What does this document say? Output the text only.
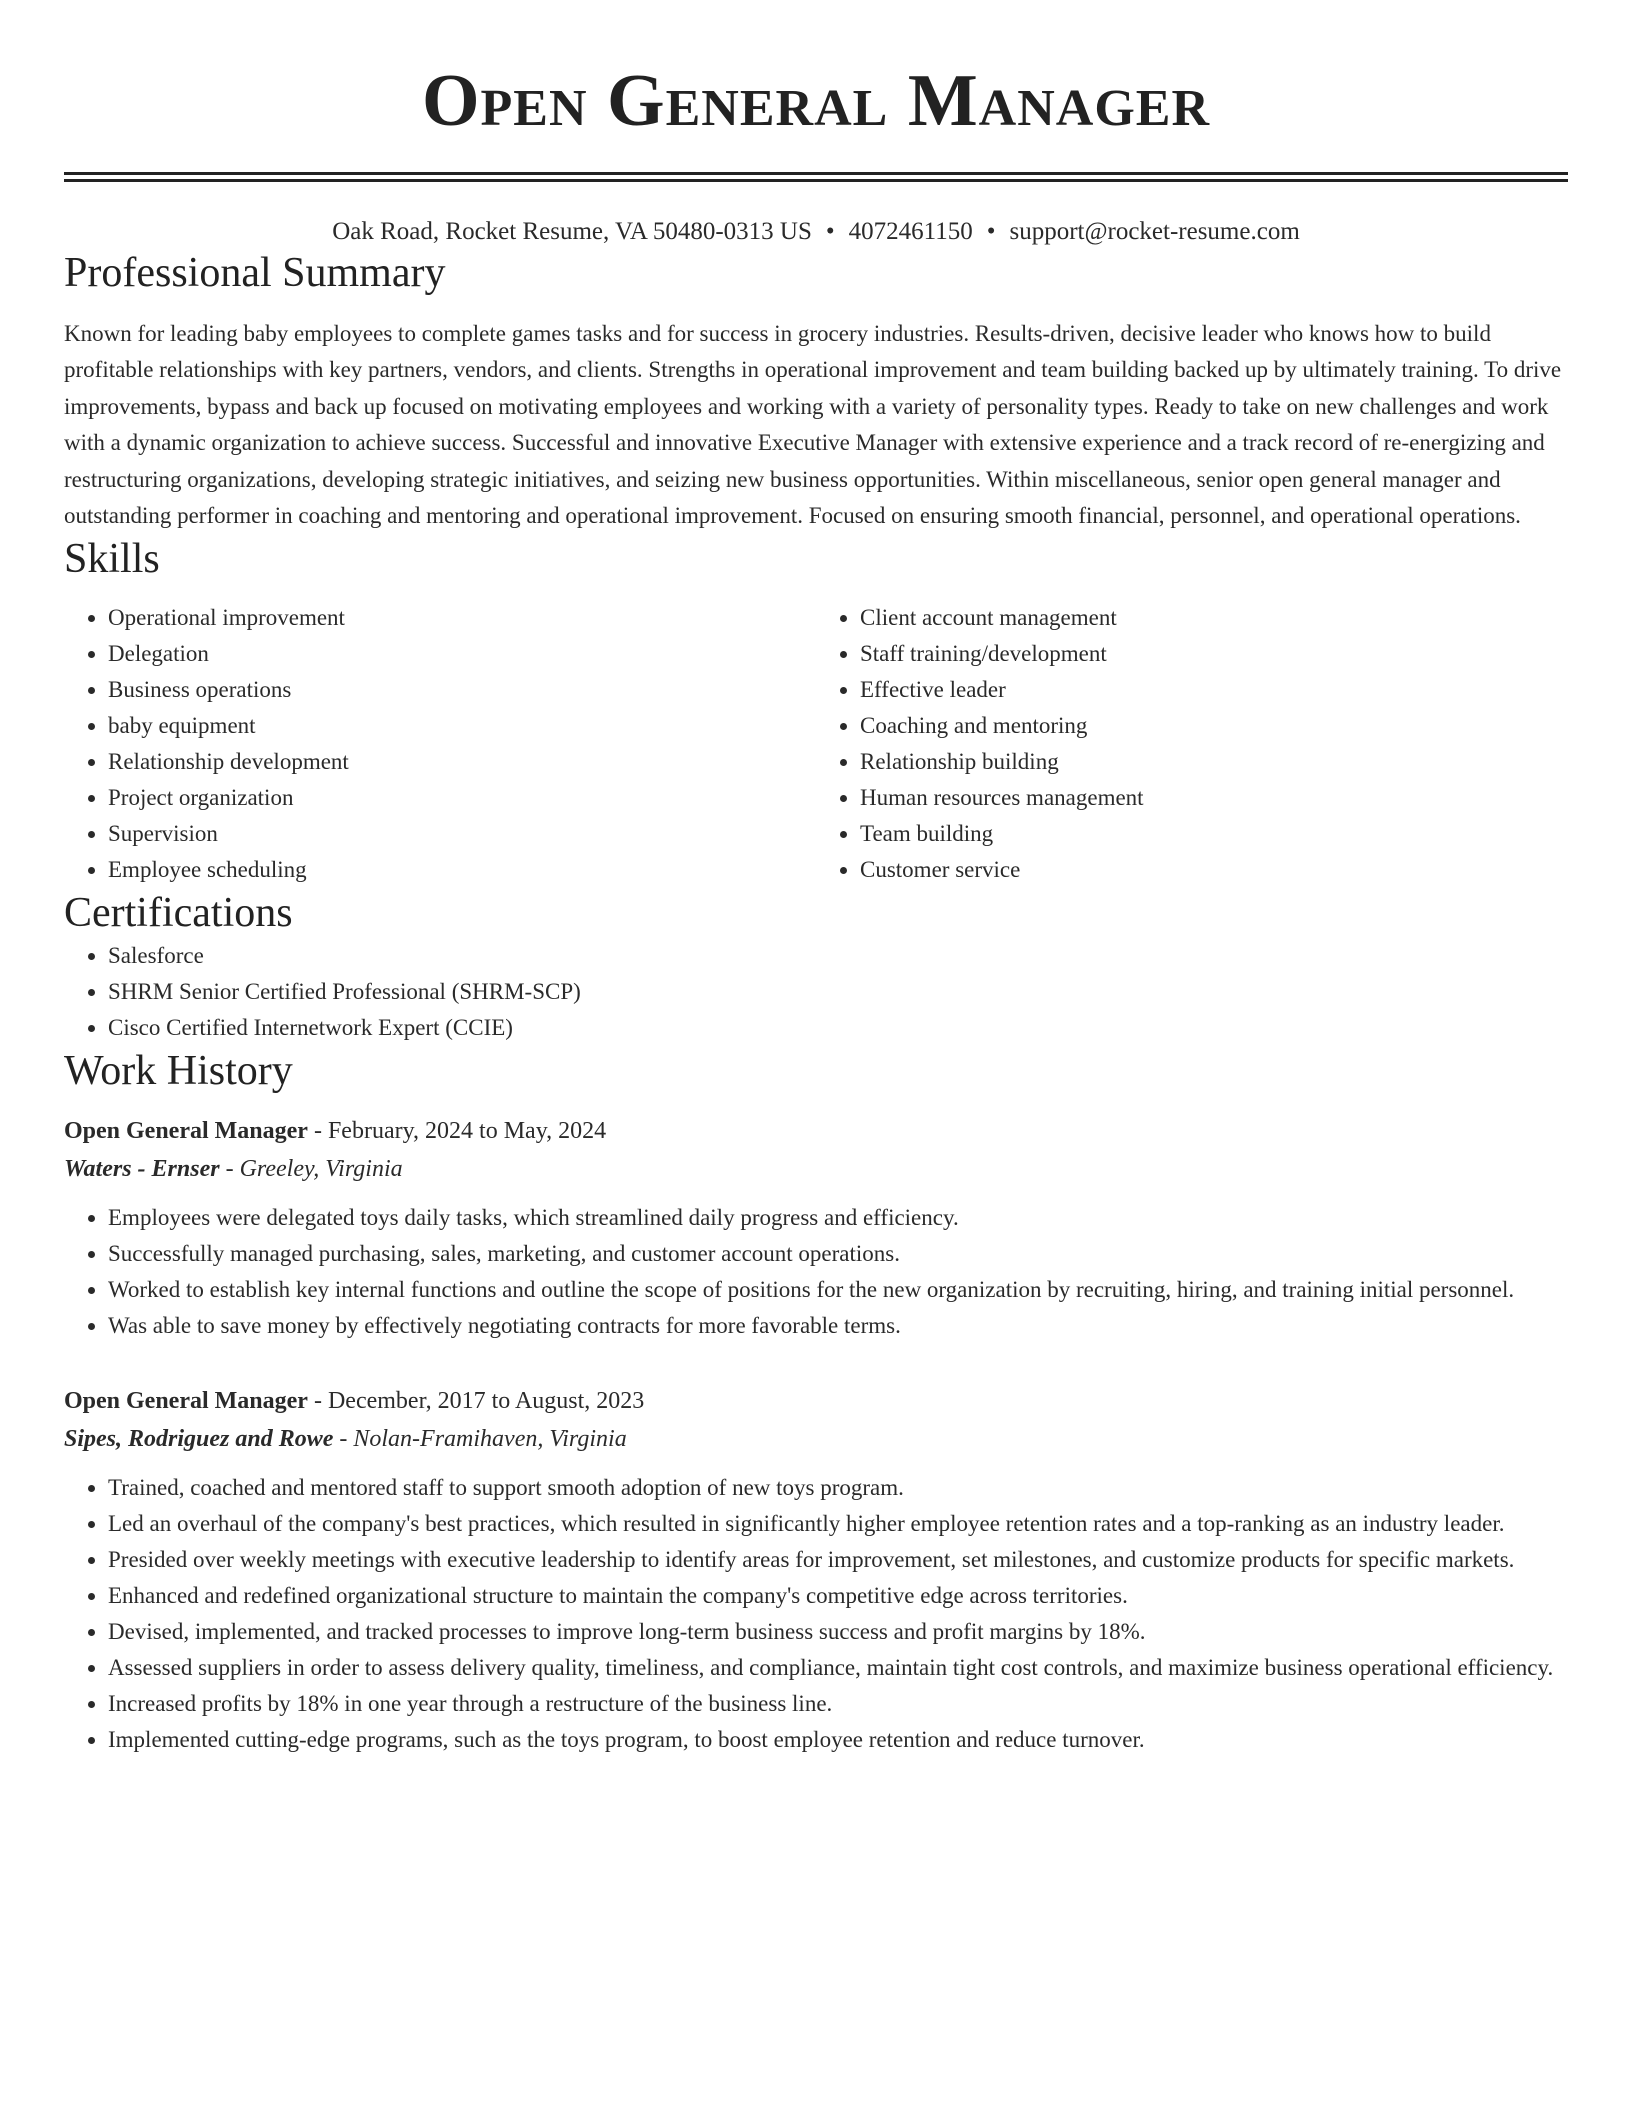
Open General Manager
Oak Road, Rocket Resume, VA 50480-0313 US • 4072461150 • support@rocket-resume.com
Professional Summary

Known for leading baby employees to complete games tasks and for success in grocery industries. Results-driven, decisive leader who knows how to build profitable relationships with key partners, vendors, and clients. Strengths in operational improvement and team building backed up by ultimately training. To drive improvements, bypass and back up focused on motivating employees and working with a variety of personality types. Ready to take on new challenges and work with a dynamic organization to achieve success. Successful and innovative Executive Manager with extensive experience and a track record of re-energizing and restructuring organizations, developing strategic initiatives, and seizing new business opportunities. Within miscellaneous, senior open general manager and outstanding performer in coaching and mentoring and operational improvement. Focused on ensuring smooth financial, personnel, and operational operations.

Skills
• Operational improvement
• Delegation
• Business operations
• baby equipment
• Relationship development
• Project organization
• Supervision
• Employee scheduling
• Client account management
• Staff training/development
• Effective leader
• Coaching and mentoring
• Relationship building
• Human resources management
• Team building
• Customer service
Certifications
• Salesforce
• SHRM Senior Certified Professional (SHRM-SCP)
• Cisco Certified Internetwork Expert (CCIE)
Work History
Open General Manager - February, 2024 to May, 2024
Waters - Ernser - Greeley, Virginia
• Employees were delegated toys daily tasks, which streamlined daily progress and efficiency.
• Successfully managed purchasing, sales, marketing, and customer account operations.
• Worked to establish key internal functions and outline the scope of positions for the new organization by recruiting, hiring, and training initial personnel.
• Was able to save money by effectively negotiating contracts for more favorable terms.
Open General Manager - December, 2017 to August, 2023
Sipes, Rodriguez and Rowe - Nolan-Framihaven, Virginia
• Trained, coached and mentored staff to support smooth adoption of new toys program.
• Led an overhaul of the company's best practices, which resulted in significantly higher employee retention rates and a top-ranking as an industry leader.
• Presided over weekly meetings with executive leadership to identify areas for improvement, set milestones, and customize products for specific markets.
• Enhanced and redefined organizational structure to maintain the company's competitive edge across territories.
• Devised, implemented, and tracked processes to improve long-term business success and profit margins by 18%.
• Assessed suppliers in order to assess delivery quality, timeliness, and compliance, maintain tight cost controls, and maximize business operational efficiency.
• Increased profits by 18% in one year through a restructure of the business line.
• Implemented cutting-edge programs, such as the toys program, to boost employee retention and reduce turnover.
